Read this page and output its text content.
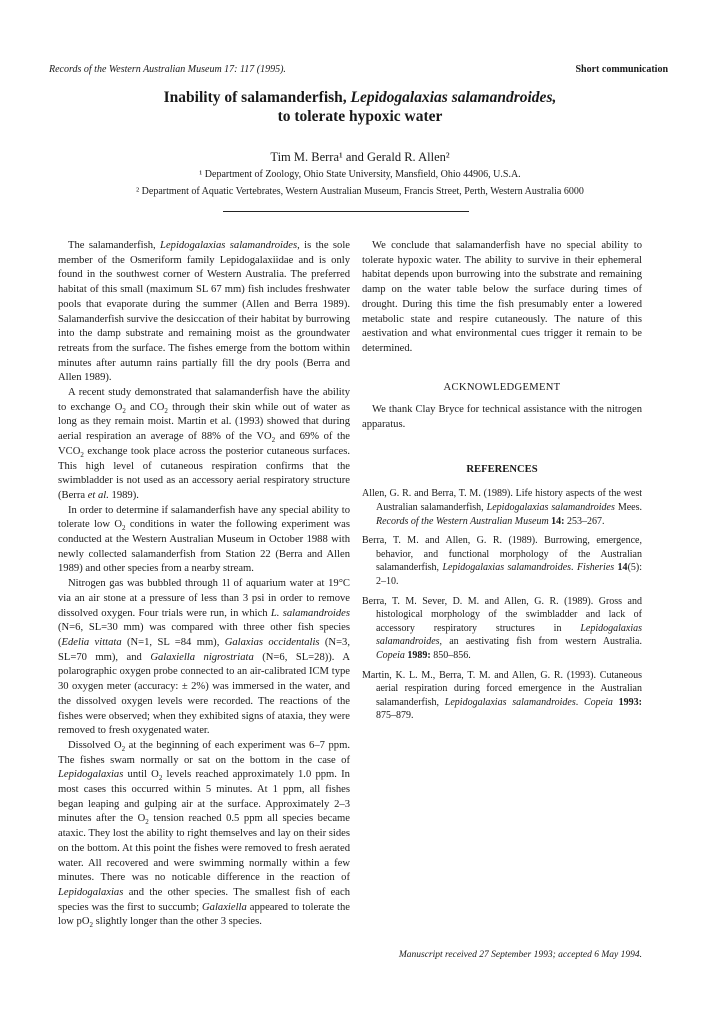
Records of the Western Australian Museum 17: 117 (1995).	Short communication
Inability of salamanderfish, Lepidogalaxias salamandroides,
to tolerate hypoxic water
Tim M. Berra¹ and Gerald R. Allen²
¹ Department of Zoology, Ohio State University, Mansfield, Ohio 44906, U.S.A.
² Department of Aquatic Vertebrates, Western Australian Museum, Francis Street, Perth, Western Australia 6000

The salamanderfish, Lepidogalaxias salamandroides, is the sole member of the Osmeriform family Lepidogalaxiidae and is only found in the southwest corner of Western Australia. The preferred habitat of this small (maximum SL 67 mm) fish includes freshwater pools that evaporate during the summer (Allen and Berra 1989). Salamanderfish survive the desiccation of their habitat by burrowing into the damp substrate and remaining moist as the groundwater retreats from the surface. The fishes emerge from the bottom within minutes after autumn rains partially fill the dry pools (Berra and Allen 1989).

A recent study demonstrated that salamanderfish have the ability to exchange $O_2$ and $CO_2$ through their skin while out of water as long as they remain moist. Martin et al. (1993) showed that during aerial respiration an average of 88% of the $VO_2$ and 69% of the $VCO_2$ exchange took place across the posterior cutaneous surfaces. This high level of cutaneous respiration confirms that the swimbladder is not used as an accessory aerial respiratory structure (Berra et al. 1989).

In order to determine if salamanderfish have any special ability to tolerate low $O_2$ conditions in water the following experiment was conducted at the Western Australian Museum in October 1988 with newly collected salamanderfish from Station 22 (Berra and Allen 1989) and other species from a nearby stream.

Nitrogen gas was bubbled through 1l of aquarium water at 19°C via an air stone at a pressure of less than 3 psi in order to remove dissolved oxygen. Four trials were run, in which L. salamandroides (N=6, SL=30 mm) was compared with three other fish species (Edelia vittata (N=1, SL =84 mm), Galaxias occidentalis (N=3, SL=70 mm), and Galaxiella nigrostriata (N=6, SL=28)). A polarographic oxygen probe connected to an air-calibrated ICM type 30 oxygen meter (accuracy: ± 2%) was immersed in the water, and the dissolved oxygen levels were recorded. The reactions of the fishes were observed; when they exhibited signs of ataxia, they were removed to fresh oxygenated water.

Dissolved $O_2$ at the beginning of each experiment was 6–7 ppm. The fishes swam normally or sat on the bottom in the case of Lepidogalaxias until $O_2$ levels reached approximately 1.0 ppm. In most cases this occurred within 5 minutes. At 1 ppm, all fishes began leaping and gulping air at the surface. Approximately 2–3 minutes after the $O_2$ tension reached 0.5 ppm all species became ataxic. They lost the ability to right themselves and lay on their sides on the bottom. At this point the fishes were removed to fresh aerated water. All recovered and were swimming normally within a few minutes. There was no noticable difference in the reaction of Lepidogalaxias and the other species. The smallest fish of each species was the first to succumb; Galaxiella appeared to tolerate the low $pO_2$ slightly longer than the other 3 species.

We conclude that salamanderfish have no special ability to tolerate hypoxic water. The ability to survive in their ephemeral habitat depends upon burrowing into the substrate and remaining damp on the water table below the surface during times of drought. During this time the fish presumably enter a lowered metabolic state and respire cutaneously. The nature of this aestivation and what environmental cues trigger it remain to be determined.

ACKNOWLEDGEMENT

We thank Clay Bryce for technical assistance with the nitrogen apparatus.

REFERENCES
Allen, G. R. and Berra, T. M. (1989). Life history aspects of the west Australian salamanderfish, Lepidogalaxias salamandroides Mees. Records of the Western Australian Museum 14: 253–267.
Berra, T. M. and Allen, G. R. (1989). Burrowing, emergence, behavior, and functional morphology of the Australian salamanderfish, Lepidogalaxias salamandroides. Fisheries 14(5): 2–10.
Berra, T. M. Sever, D. M. and Allen, G. R. (1989). Gross and histological morphology of the swimbladder and lack of accessory respiratory structures in Lepidogalaxias salamandroides, an aestivating fish from western Australia. Copeia 1989: 850–856.
Martin, K. L. M., Berra, T. M. and Allen, G. R. (1993). Cutaneous aerial respiration during forced emergence in the Australian salamanderfish, Lepidogalaxias salamandroides. Copeia 1993: 875–879.
Manuscript received 27 September 1993; accepted 6 May 1994.
